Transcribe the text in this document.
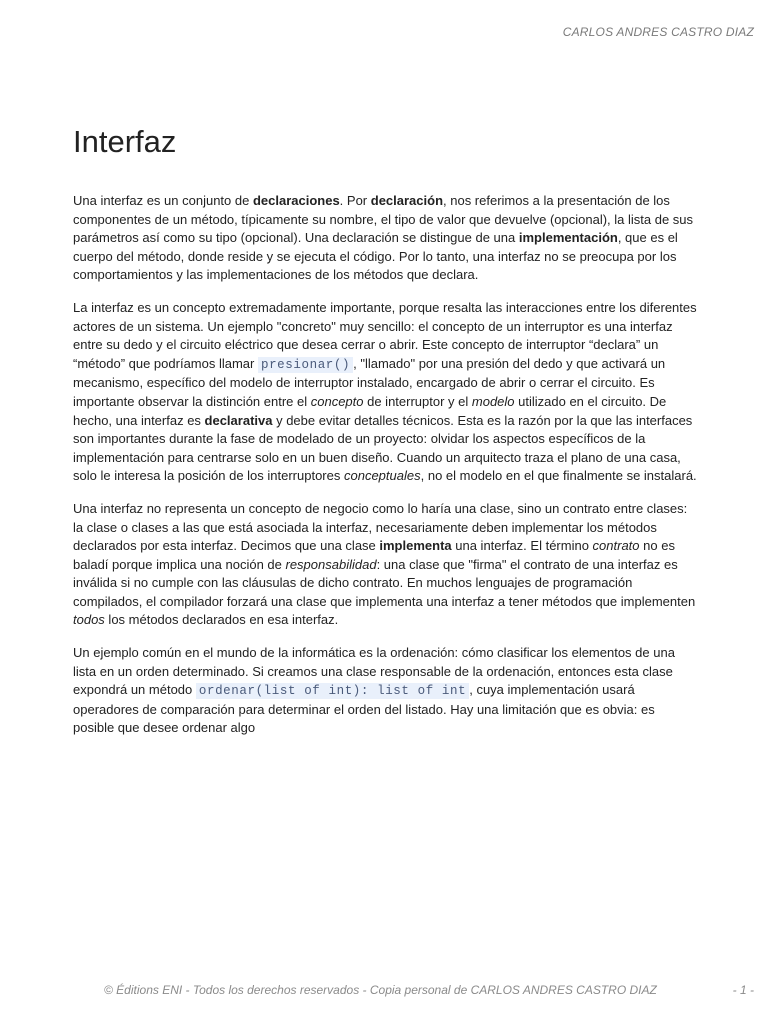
CARLOS ANDRES CASTRO DIAZ
Interfaz

Una interfaz es un conjunto de declaraciones. Por declaración, nos referimos a la presentación de los componentes de un método, típicamente su nombre, el tipo de valor que devuelve (opcional), la lista de sus parámetros así como su tipo (opcional). Una declaración se distingue de una implementación, que es el cuerpo del método, donde reside y se ejecuta el código. Por lo tanto, una interfaz no se preocupa por los comportamientos y las implementaciones de los métodos que declara.

La interfaz es un concepto extremadamente importante, porque resalta las interacciones entre los diferentes actores de un sistema. Un ejemplo "concreto" muy sencillo: el concepto de un interruptor es una interfaz entre su dedo y el circuito eléctrico que desea cerrar o abrir. Este concepto de interruptor “declara” un “método” que podríamos llamar presionar() , "llamado" por una presión del dedo y que activará un mecanismo, específico del modelo de interruptor instalado, encargado de abrir o cerrar el circuito. Es importante observar la distinción entre el concepto de interruptor y el modelo utilizado en el circuito. De hecho, una interfaz es declarativa y debe evitar detalles técnicos. Esta es la razón por la que las interfaces son importantes durante la fase de modelado de un proyecto: olvidar los aspectos específicos de la implementación para centrarse solo en un buen diseño. Cuando un arquitecto traza el plano de una casa, solo le interesa la posición de los interruptores conceptuales, no el modelo en el que finalmente se instalará.

Una interfaz no representa un concepto de negocio como lo haría una clase, sino un contrato entre clases: la clase o clases a las que está asociada la interfaz, necesariamente deben implementar los métodos declarados por esta interfaz. Decimos que una clase implementa una interfaz. El término contrato no es baladí porque implica una noción de responsabilidad: una clase que "firma" el contrato de una interfaz es inválida si no cumple con las cláusulas de dicho contrato. En muchos lenguajes de programación compilados, el compilador forzará una clase que implementa una interfaz a tener métodos que implementen todos los métodos declarados en esa interfaz.

Un ejemplo común en el mundo de la informática es la ordenación: cómo clasificar los elementos de una lista en un orden determinado. Si creamos una clase responsable de la ordenación, entonces esta clase expondrá un método ordenar(list of int): list of int , cuya implementación usará operadores de comparación para determinar el orden del listado. Hay una limitación que es obvia: es posible que desee ordenar algo

© Éditions ENI - Todos los derechos reservados - Copia personal de CARLOS ANDRES CASTRO DIAZ	- 1 -
